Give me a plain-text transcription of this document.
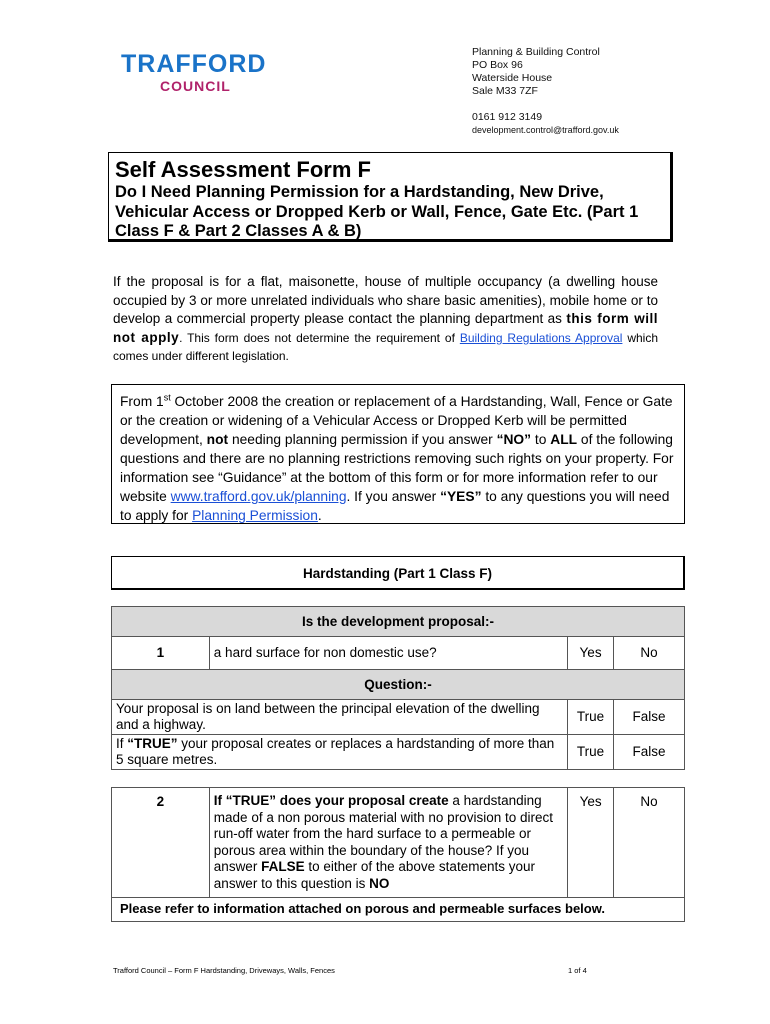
TRAFFORD
COUNCIL
Planning & Building Control
PO Box 96
Waterside House
Sale M33 7ZF
0161 912 3149
development.control@trafford.gov.uk
Self Assessment Form F
Do I Need Planning Permission for a Hardstanding, New Drive, Vehicular Access or Dropped Kerb or Wall, Fence, Gate Etc. (Part 1 Class F & Part 2 Classes A & B)
If the proposal is for a flat, maisonette, house of multiple occupancy (a dwelling house occupied by 3 or more unrelated individuals who share basic amenities), mobile home or to develop a commercial property please contact the planning department as this form will not apply. This form does not determine the requirement of Building Regulations Approval which comes under different legislation.
From 1st October 2008 the creation or replacement of a Hardstanding, Wall, Fence or Gate or the creation or widening of a Vehicular Access or Dropped Kerb will be permitted development, not needing planning permission if you answer “NO” to ALL of the following questions and there are no planning restrictions removing such rights on your property. For information see “Guidance” at the bottom of this form or for more information refer to our website www.trafford.gov.uk/planning. If you answer “YES” to any questions you will need to apply for Planning Permission.
Hardstanding (Part 1 Class F)
Is the development proposal:-			
1	a hard surface for non domestic use?	Yes	No
Question:-			
Your proposal is on land between the principal elevation of the dwelling and a highway.		True	False
If “TRUE” your proposal creates or replaces a hardstanding of more than 5 square metres.		True	False
2	If “TRUE” does your proposal create a hardstanding made of a non porous material with no provision to direct run-off water from the hard surface to a permeable or porous area within the boundary of the house? If you answer FALSE to either of the above statements your answer to this question is NO	Yes	No
Please refer to information attached on porous and permeable surfaces below.
Trafford Council – Form F Hardstanding, Driveways, Walls, Fences	1 of 4
